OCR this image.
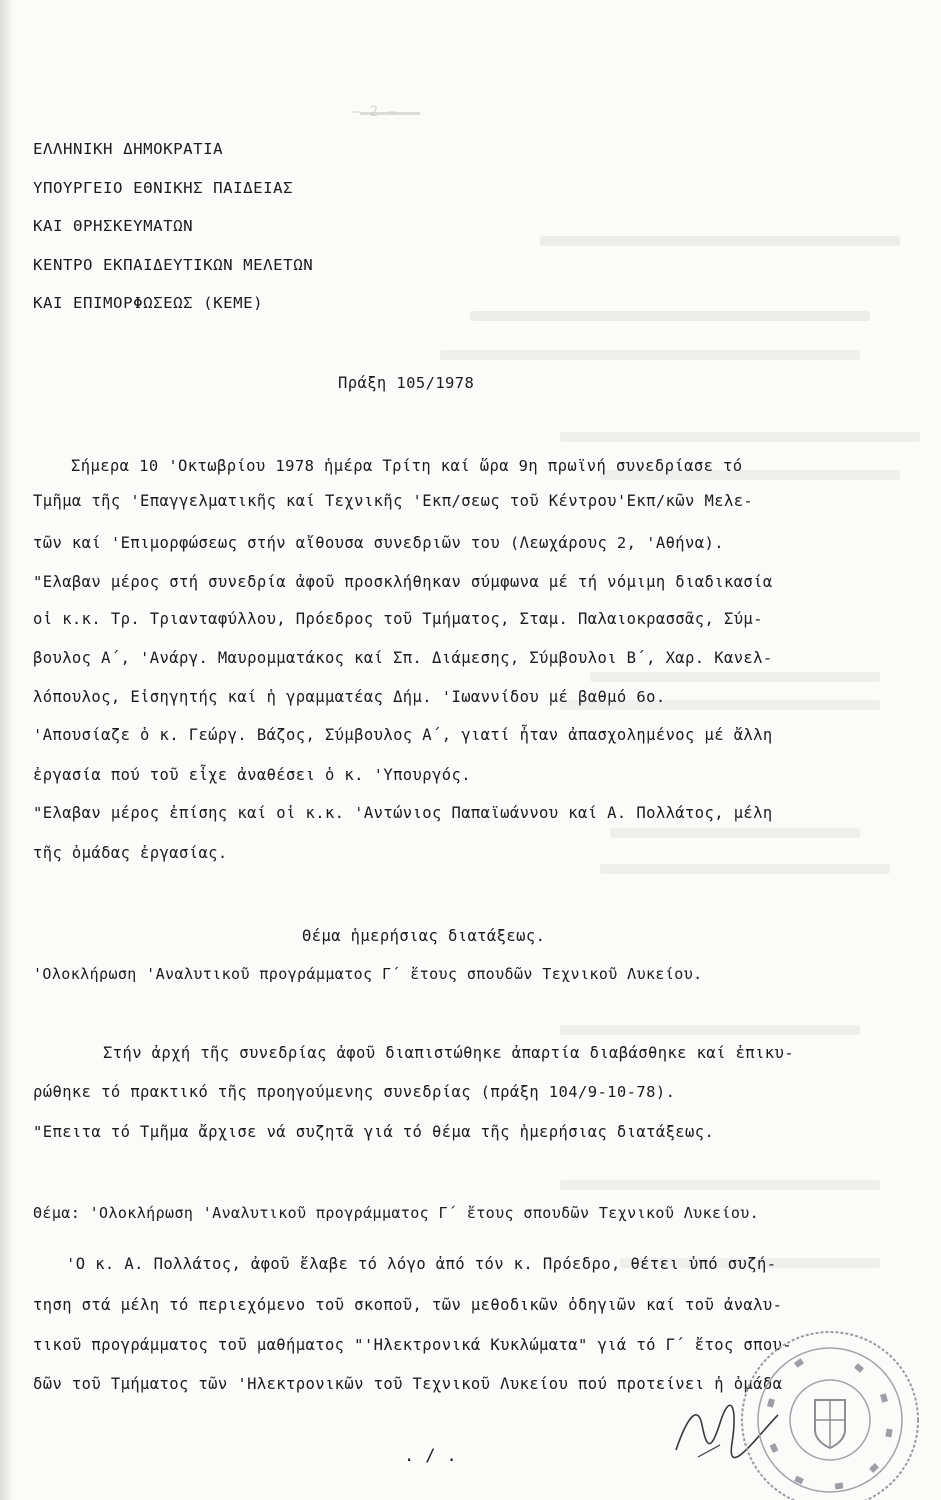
— 2 —
ΕΛΛΗΝΙΚΗ ΔΗΜΟΚΡΑΤΙΑ
ΥΠΟΥΡΓΕΙΟ ΕΘΝΙΚΗΣ ΠΑΙΔΕΙΑΣ
ΚΑΙ ΘΡΗΣΚΕΥΜΑΤΩΝ
ΚΕΝΤΡΟ ΕΚΠΑΙΔΕΥΤΙΚΩΝ ΜΕΛΕΤΩΝ
ΚΑΙ ΕΠΙΜΟΡΦΩΣΕΩΣ (ΚΕΜΕ)
Πράξη 105/1978
Σήμερα 10 'Οκτωβρίου 1978 ἡμέρα Τρίτη καί ὥρα 9η πρωϊνή συνεδρίασε τό
Τμῆμα τῆς 'Επαγγελματικῆς καί Τεχνικῆς 'Εκπ/σεως τοῦ Κέντρου'Εκπ/κῶν Μελε-
τῶν καί 'Επιμορφώσεως στήν αἴθουσα συνεδριῶν του (Λεωχάρους 2, 'Αθήνα).
"Ελαβαν μέρος στή συνεδρία ἀφοῦ προσκλήθηκαν σύμφωνα μέ τή νόμιμη διαδικασία
οἱ κ.κ. Τρ. Τριανταφύλλου, Πρόεδρος τοῦ Τμήματος, Σταμ. Παλαιοκρασσᾶς, Σύμ-
βουλος Α΄, 'Ανάργ. Μαυρομματάκος καί Σπ. Διάμεσης, Σύμβουλοι Β΄, Χαρ. Κανελ-
λόπουλος, Εἰσηγητής καί ἡ γραμματέας Δήμ. 'Ιωαννίδου μέ βαθμό 6ο.
'Απουσίαζε ὁ κ. Γεώργ. Βάζος, Σύμβουλος Α΄, γιατί ἦταν ἀπασχολημένος μέ ἄλλη
ἐργασία πού τοῦ εἶχε ἀναθέσει ὁ κ. 'Υπουργός.
"Ελαβαν μέρος ἐπίσης καί οἱ κ.κ. 'Αντώνιος Παπαϊωάννου καί Α. Πολλάτος, μέλη
τῆς ὁμάδας ἐργασίας.
Θέμα ἡμερήσιας διατάξεως.
'Ολοκλήρωση 'Αναλυτικοῦ προγράμματος Γ΄ ἔτους σπουδῶν Τεχνικοῦ Λυκείου.
Στήν ἀρχή τῆς συνεδρίας ἀφοῦ διαπιστώθηκε ἀπαρτία διαβάσθηκε καί ἐπικυ-
ρώθηκε τό πρακτικό τῆς προηγούμενης συνεδρίας (πράξη 104/9-10-78).
"Επειτα τό Τμῆμα ἄρχισε νά συζητᾶ γιά τό θέμα τῆς ἡμερήσιας διατάξεως.
Θέμα: 'Ολοκλήρωση 'Αναλυτικοῦ προγράμματος Γ΄ ἔτους σπουδῶν Τεχνικοῦ Λυκείου.
'Ο κ. Α. Πολλάτος, ἀφοῦ ἔλαβε τό λόγο ἀπό τόν κ. Πρόεδρο, θέτει ὑπό συζή-
τηση στά μέλη τό περιεχόμενο τοῦ σκοποῦ, τῶν μεθοδικῶν ὁδηγιῶν καί τοῦ ἀναλυ-
τικοῦ προγράμματος τοῦ μαθήματος "'Ηλεκτρονικά Κυκλώματα" γιά τό Γ΄ ἔτος σπου-
δῶν τοῦ Τμήματος τῶν 'Ηλεκτρονικῶν τοῦ Τεχνικοῦ Λυκείου πού προτείνει ἡ ὁμάδα
. / .
